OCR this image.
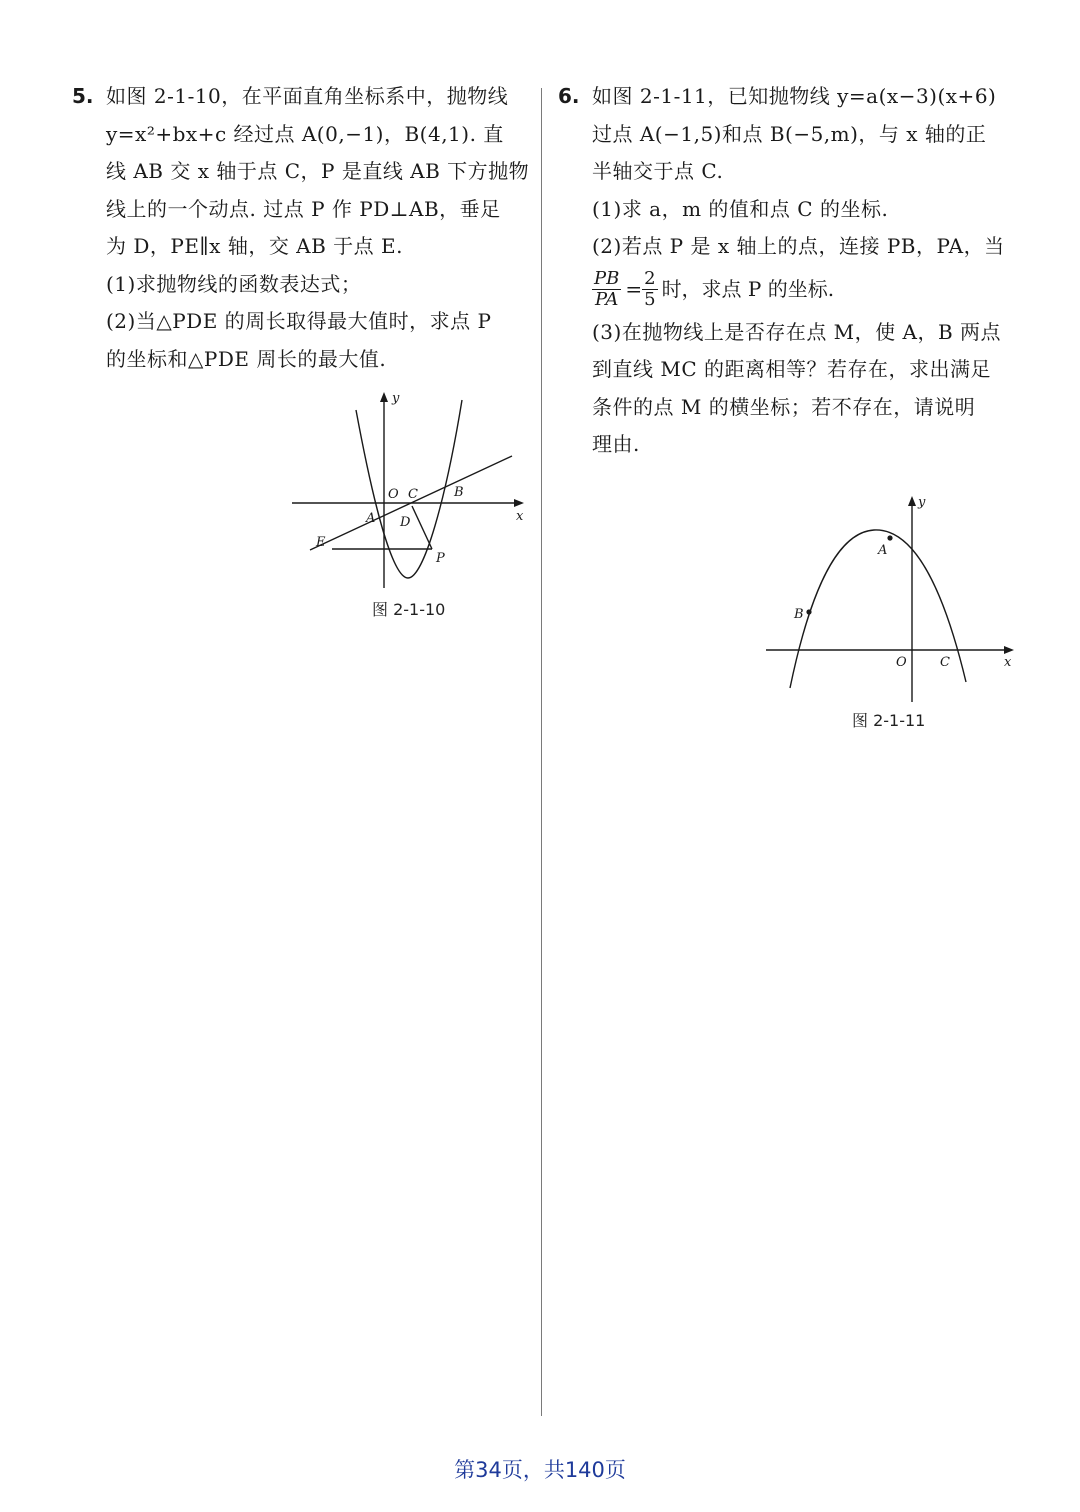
5. 如图 2-1-10，在平面直角坐标系中，抛物线
y=x²+bx+c 经过点 A(0,−1)，B(4,1). 直
线 AB 交 x 轴于点 C，P 是直线 AB 下方抛物
线上的一个动点. 过点 P 作 PD⊥AB，垂足
为 D，PE∥x 轴，交 AB 于点 E.
(1)求抛物线的函数表达式；
(2)当△PDE 的周长取得最大值时，求点 P
的坐标和△PDE 周长的最大值.
y
x
O C	B
A D
E
P
图 2-1-10
6. 如图 2-1-11，已知抛物线 y=a(x−3)(x+6)
过点 A(−1,5)和点 B(−5,m)，与 x 轴的正
半轴交于点 C.
(1)求 a，m 的值和点 C 的坐标.
(2)若点 P 是 x 轴上的点，连接 PB，PA，当
$\frac{PB}{PA} = \frac{2}{5}$ 时，求点 P 的坐标.
(3)在抛物线上是否存在点 M，使 A，B 两点
到直线 MC 的距离相等？若存在，求出满足
条件的点 M 的横坐标；若不存在，请说明
理由.
y
x
O	C
A
B
图 2-1-11
第34页，共140页
